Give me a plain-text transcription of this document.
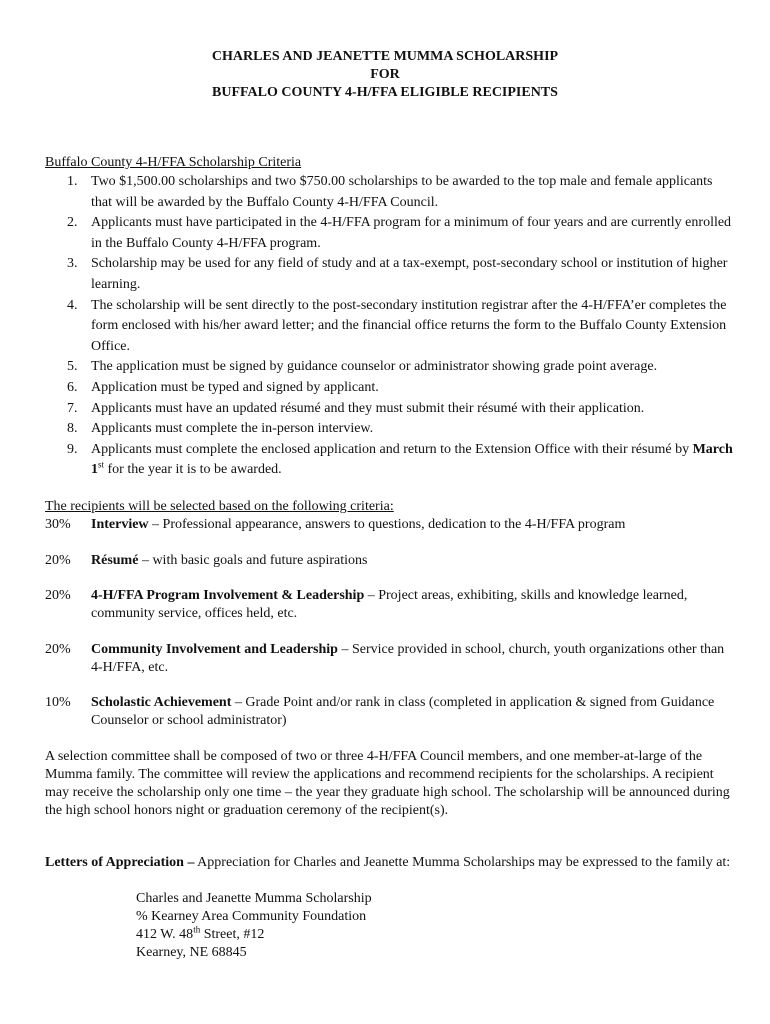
CHARLES AND JEANETTE MUMMA SCHOLARSHIP
FOR
BUFFALO COUNTY 4-H/FFA ELIGIBLE RECIPIENTS
Buffalo County 4-H/FFA Scholarship Criteria
1. Two $1,500.00 scholarships and two $750.00 scholarships to be awarded to the top male and female applicants that will be awarded by the Buffalo County 4-H/FFA Council.
2. Applicants must have participated in the 4-H/FFA program for a minimum of four years and are currently enrolled in the Buffalo County 4-H/FFA program.
3. Scholarship may be used for any field of study and at a tax-exempt, post-secondary school or institution of higher learning.
4. The scholarship will be sent directly to the post-secondary institution registrar after the 4-H/FFA’er completes the form enclosed with his/her award letter; and the financial office returns the form to the Buffalo County Extension Office.
5. The application must be signed by guidance counselor or administrator showing grade point average.
6. Application must be typed and signed by applicant.
7. Applicants must have an updated résumé and they must submit their résumé with their application.
8. Applicants must complete the in-person interview.
9. Applicants must complete the enclosed application and return to the Extension Office with their résumé by March 1st for the year it is to be awarded.
The recipients will be selected based on the following criteria:
30% Interview – Professional appearance, answers to questions, dedication to the 4-H/FFA program
20% Résumé – with basic goals and future aspirations
20% 4-H/FFA Program Involvement & Leadership – Project areas, exhibiting, skills and knowledge learned, community service, offices held, etc.
20% Community Involvement and Leadership – Service provided in school, church, youth organizations other than 4-H/FFA, etc.
10% Scholastic Achievement – Grade Point and/or rank in class (completed in application & signed from Guidance Counselor or school administrator)
A selection committee shall be composed of two or three 4-H/FFA Council members, and one member-at-large of the Mumma family. The committee will review the applications and recommend recipients for the scholarships. A recipient may receive the scholarship only one time – the year they graduate high school. The scholarship will be announced during the high school honors night or graduation ceremony of the recipient(s).
Letters of Appreciation – Appreciation for Charles and Jeanette Mumma Scholarships may be expressed to the family at:
Charles and Jeanette Mumma Scholarship
% Kearney Area Community Foundation
412 W. 48th Street, #12
Kearney, NE 68845
